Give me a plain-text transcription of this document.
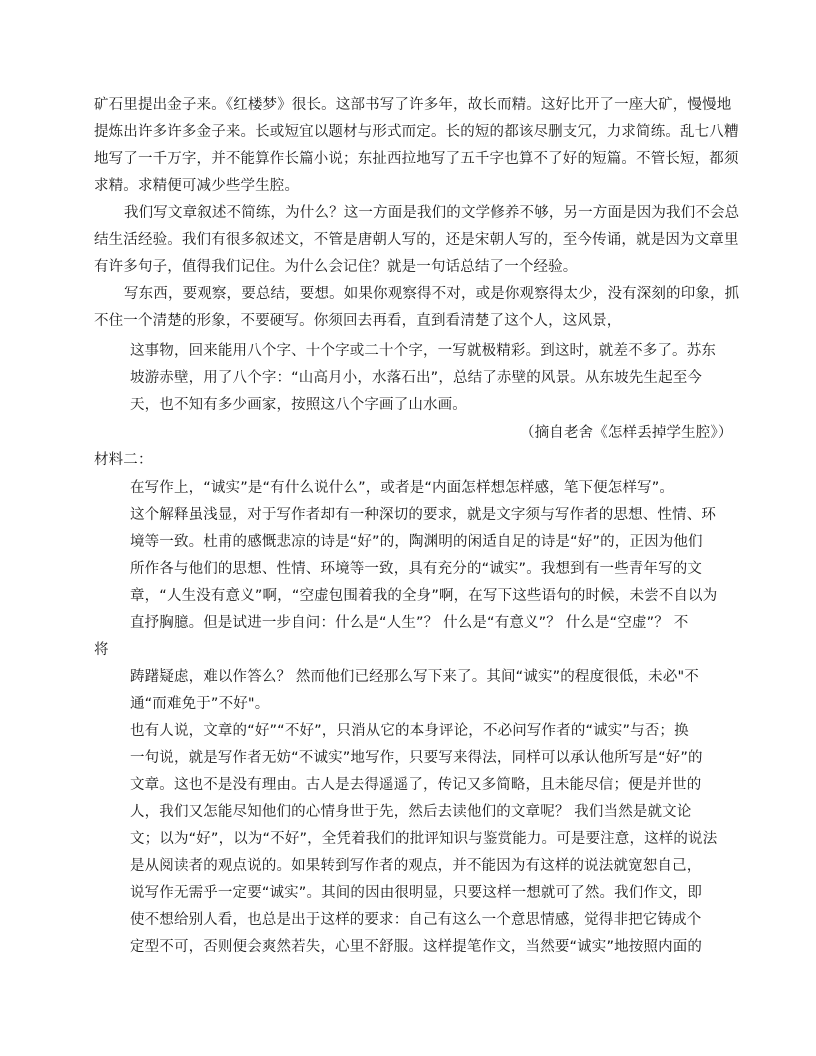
矿石里提出金子来。《红楼梦》很长。这部书写了许多年，故长而精。这好比开了一座大矿，慢慢地
提炼出许多许多金子来。长或短宜以题材与形式而定。长的短的都该尽删支冗，力求简练。乱七八糟
地写了一千万字，并不能算作长篇小说；东扯西拉地写了五千字也算不了好的短篇。不管长短，都须
求精。求精便可减少些学生腔。
我们写文章叙述不简练，为什么？这一方面是我们的文学修养不够，另一方面是因为我们不会总
结生活经验。我们有很多叙述文，不管是唐朝人写的，还是宋朝人写的，至今传诵，就是因为文章里
有许多句子，值得我们记住。为什么会记住？就是一句话总结了一个经验。
写东西，要观察，要总结，要想。如果你观察得不对，或是你观察得太少，没有深刻的印象，抓
不住一个清楚的形象，不要硬写。你须回去再看，直到看清楚了这个人，这风景，
这事物，回来能用八个字、十个字或二十个字，一写就极精彩。到这时，就差不多了。苏东
坡游赤壁，用了八个字：“山高月小，水落石出”，总结了赤壁的风景。从东坡先生起至今
天，也不知有多少画家，按照这八个字画了山水画。
（摘自老舍《怎样丢掉学生腔》）
材料二：
在写作上，“诚实”是“有什么说什么”，或者是“内面怎样想怎样感，笔下便怎样写”。
这个解释虽浅显，对于写作者却有一种深切的要求，就是文字须与写作者的思想、性情、环
境等一致。杜甫的感慨悲凉的诗是“好”的，陶渊明的闲适自足的诗是“好”的，正因为他们
所作各与他们的思想、性情、环境等一致，具有充分的“诚实”。我想到有一些青年写的文
章，“人生没有意义”啊，“空虚包围着我的全身”啊，在写下这些语句的时候，未尝不自以为
直抒胸臆。但是试进一步自问：什么是“人生”？ 什么是“有意义”？ 什么是“空虚”？ 不
将
踌躇疑虑，难以作答么？ 然而他们已经那么写下来了。其间“诚实”的程度很低，未必"不
通“而难免于”不好"。
也有人说，文章的“好”“不好”，只消从它的本身评论，不必问写作者的“诚实”与否；换
一句说，就是写作者无妨“不诚实”地写作，只要写来得法，同样可以承认他所写是“好”的
文章。这也不是没有理由。古人是去得遥遥了，传记又多简略，且未能尽信；便是并世的
人，我们又怎能尽知他们的心情身世于先，然后去读他们的文章呢？ 我们当然是就文论
文；以为“好”，以为“不好”，全凭着我们的批评知识与鉴赏能力。可是要注意，这样的说法
是从阅读者的观点说的。如果转到写作者的观点，并不能因为有这样的说法就宽恕自己，
说写作无需乎一定要“诚实”。其间的因由很明显，只要这样一想就可了然。我们作文，即
使不想给别人看，也总是出于这样的要求：自己有这么一个意思情感，觉得非把它铸成个
定型不可，否则便会爽然若失，心里不舒服。这样提笔作文，当然要“诚实”地按照内面的
